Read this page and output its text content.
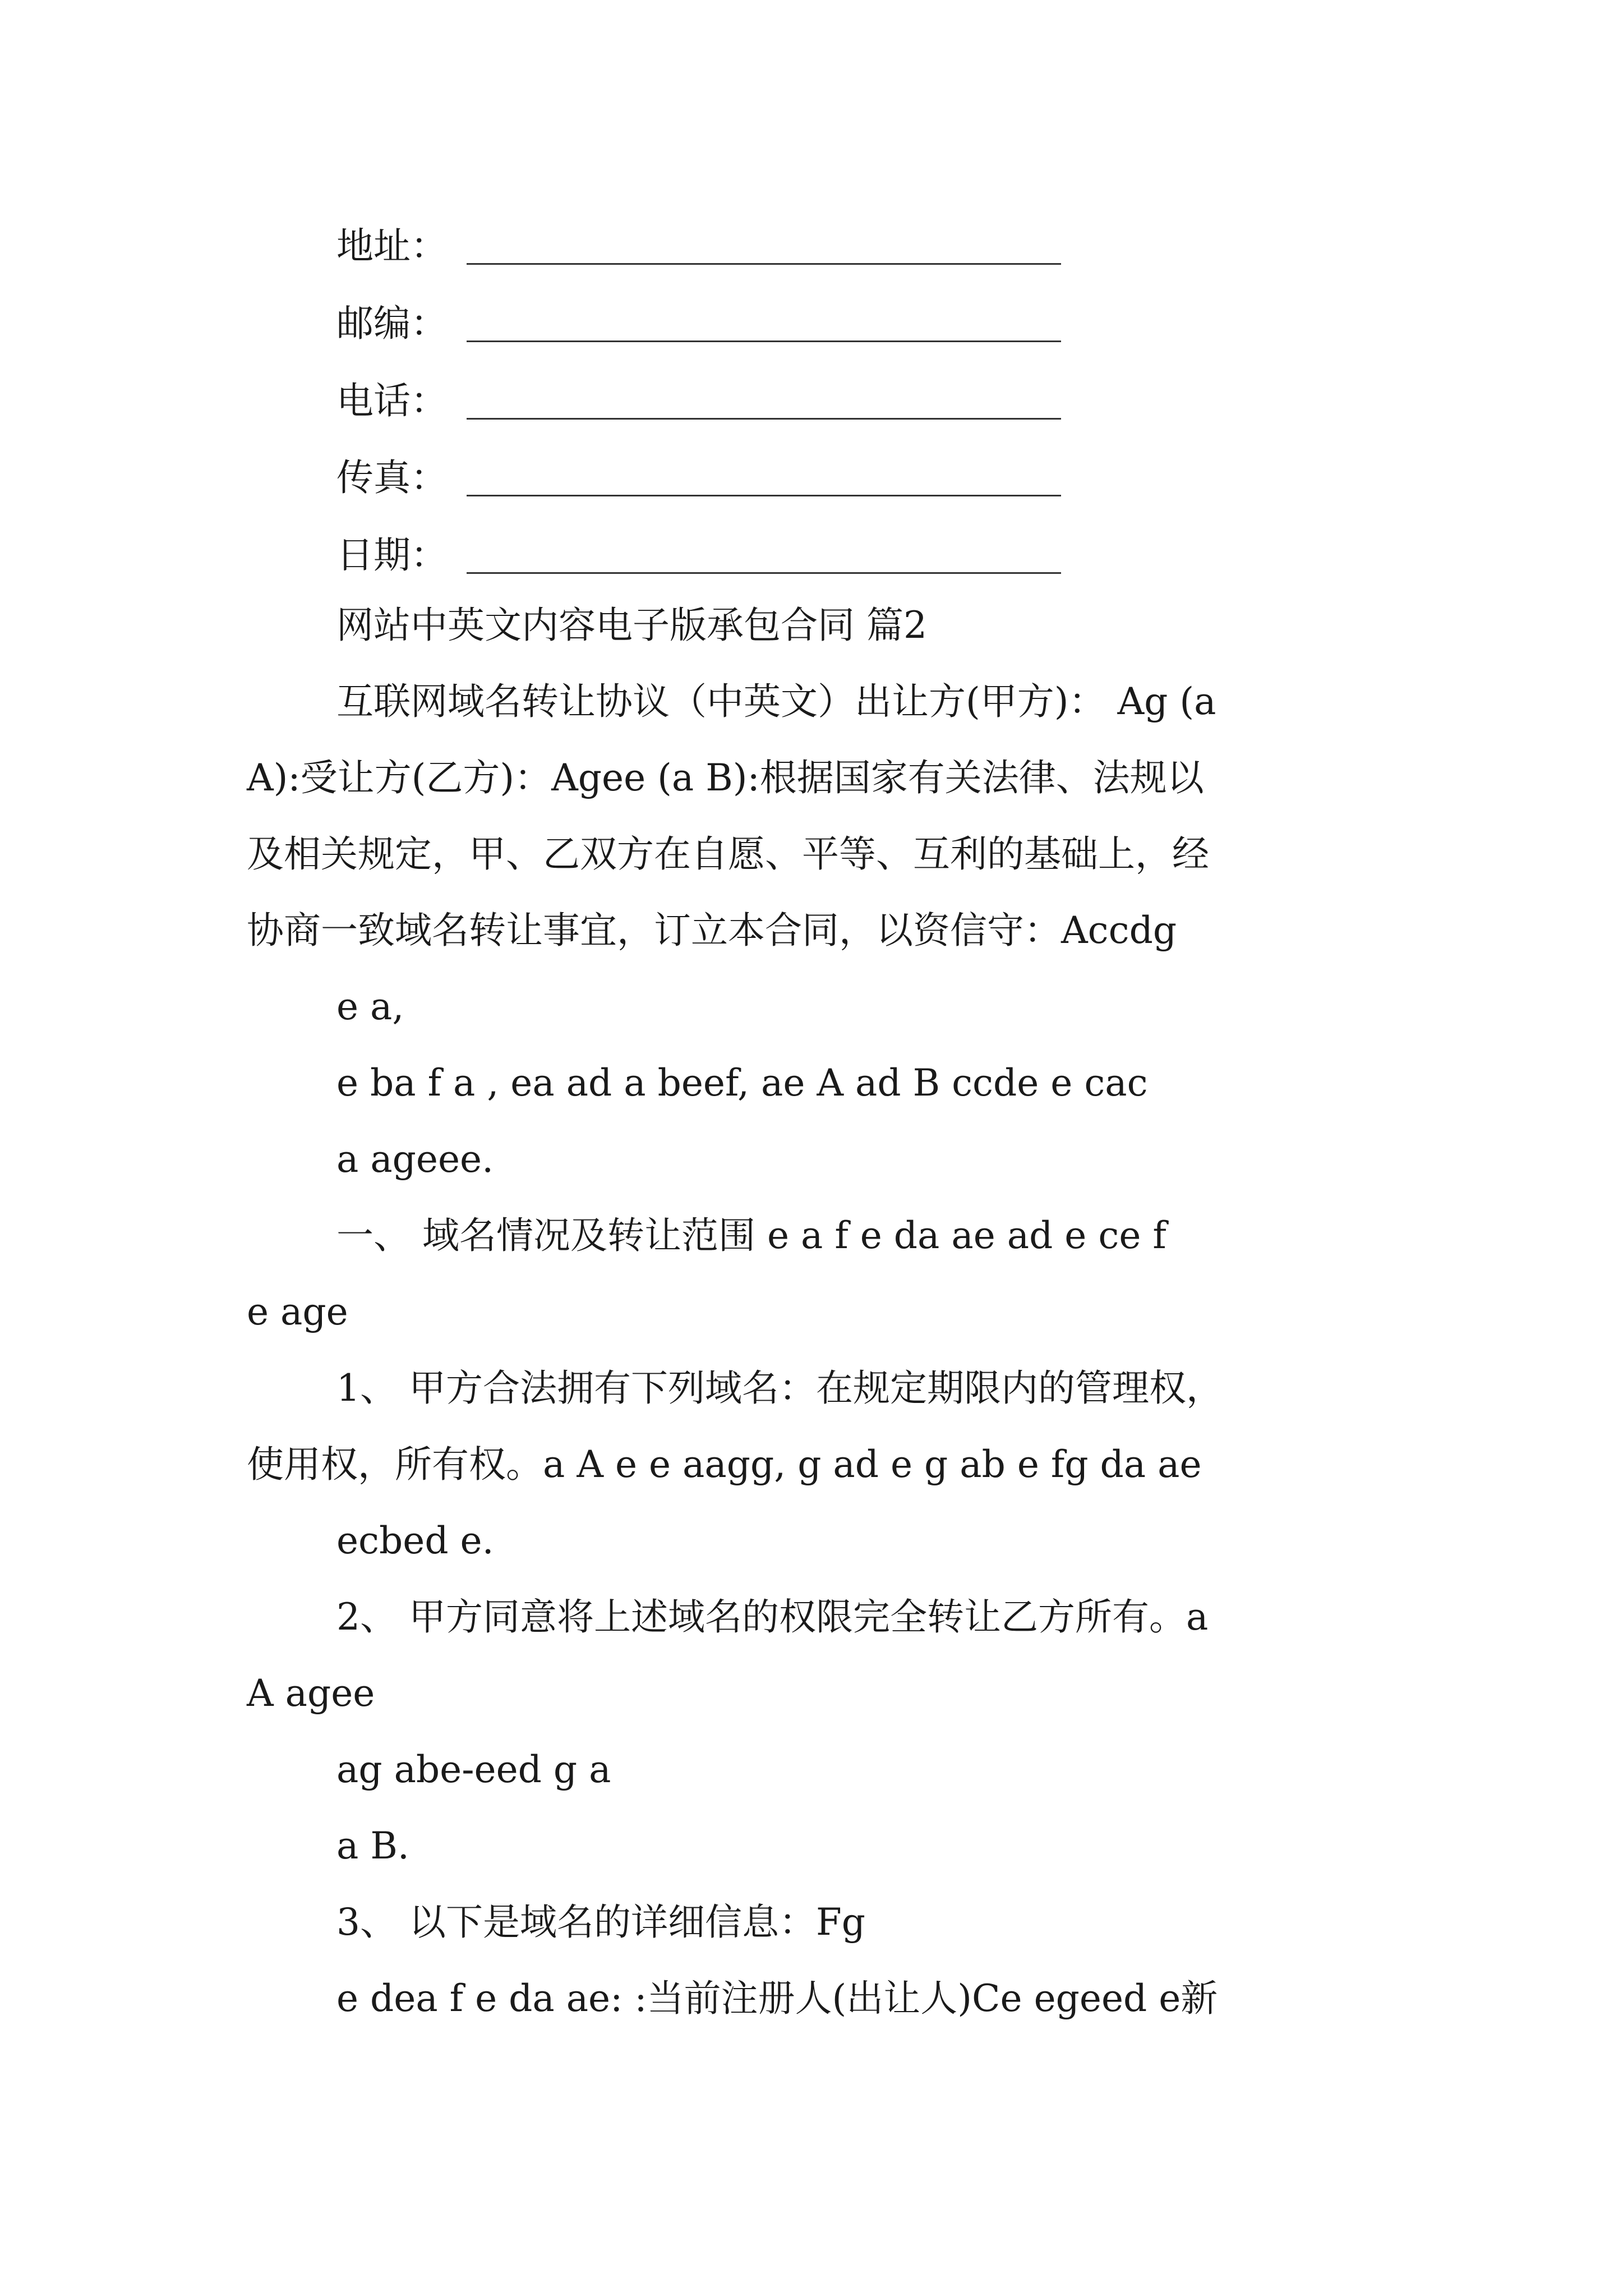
地址：
邮编：
电话：
传真：
日期：
网站中英文内容电子版承包合同 篇2
互联网域名转让协议（中英文）出让方(甲方)： Ag (a
A):受让方(乙方)：Agee (a B):根据国家有关法律、法规以
及相关规定，甲、乙双方在自愿、平等、互利的基础上，经
协商一致域名转让事宜，订立本合同，以资信守：Accdg
e a,
e ba f a , ea ad a beef, ae A ad B ccde e cac
a ageee.
一、 域名情况及转让范围 e a f e da ae ad e ce f
e age
1、 甲方合法拥有下列域名：在规定期限内的管理权，
使用权，所有权。a A e e aagg, g ad e g ab e fg da ae
ecbed e.
2、 甲方同意将上述域名的权限完全转让乙方所有。a
A agee
ag abe-eed g a
a B.
3、 以下是域名的详细信息：Fg
e dea f e da ae: :当前注册人(出让人)Ce egeed e新
